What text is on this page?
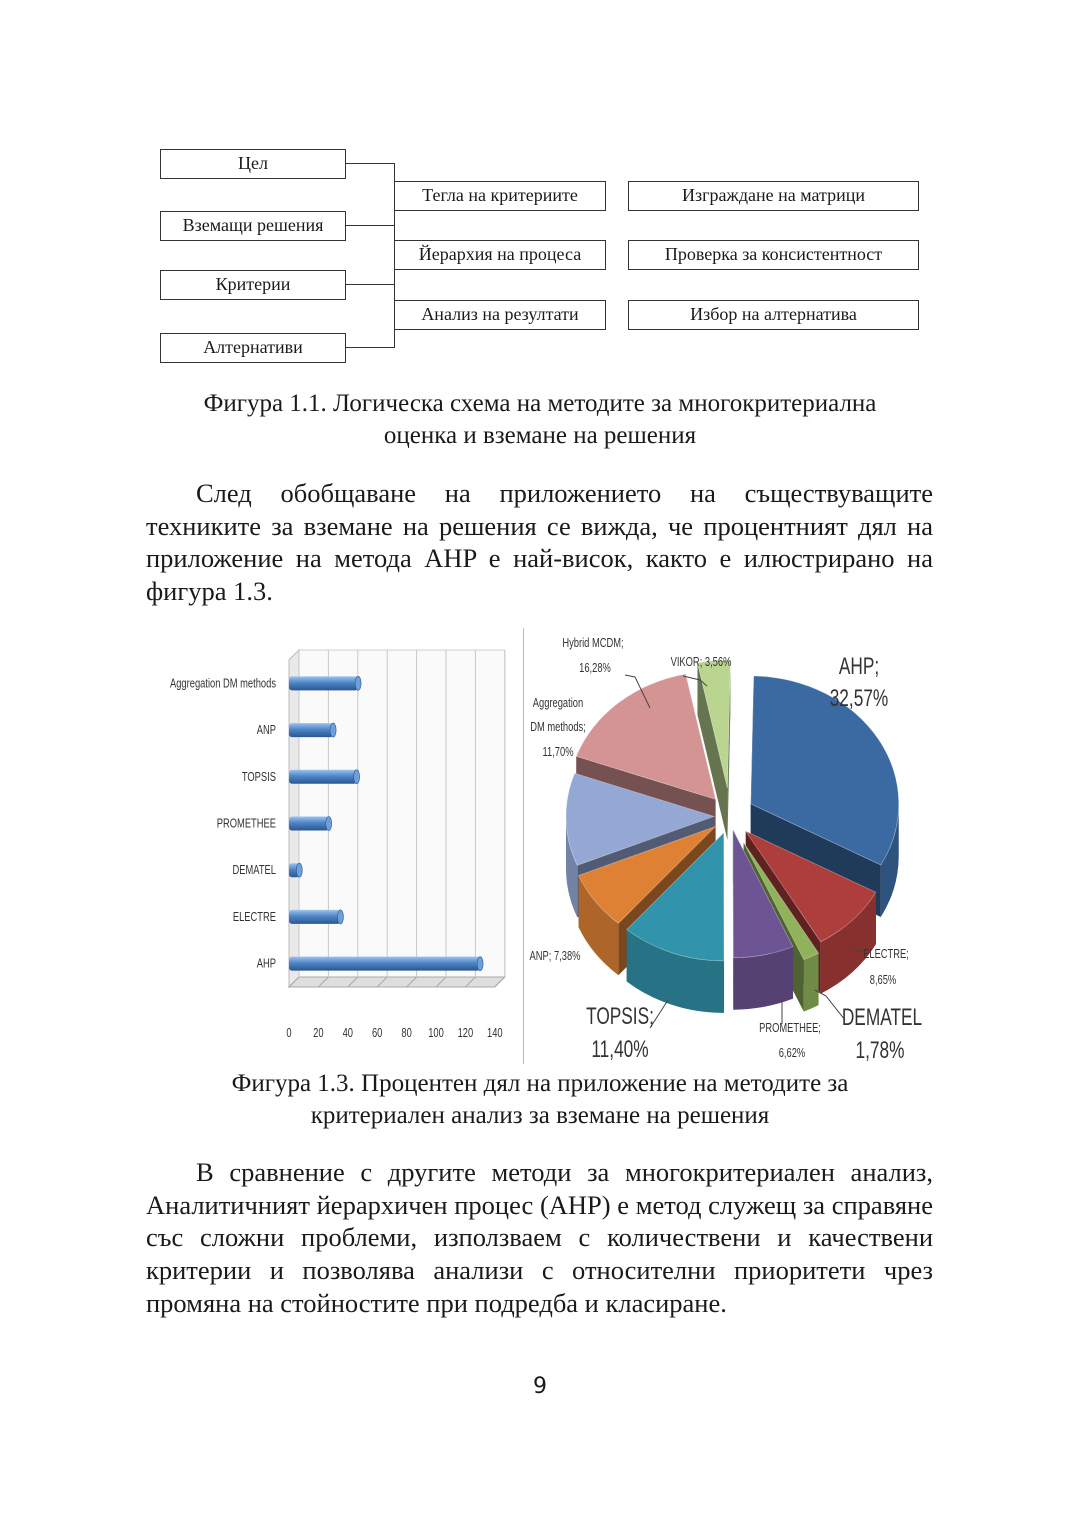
Цел
Вземащи решения
Критерии
Алтернативи
Тегла на критериите
Йерархия на процеса
Анализ на резултати
Изграждане на матрици
Проверка за консистентност
Избор на алтернатива
Фигура 1.1. Логическа схема на методите за многокритериална
оценка и вземане на решения
След обобщаване на приложението на съществуващите техниките за вземане на решения се вижда, че процентният дял на приложение на метода AHP е най-висок, както е илюстрирано на фигура 1.3.
Aggregation DM methods
ANP
TOPSIS
PROMETHEE
DEMATEL
ELECTRE
AHP
0 20 40 60 80 100 120 140
AHP;
32,57%
VIKOR; 3,56%
Hybrid MCDM;
16,28%
Aggregation
DM methods;
11,70%
ANP; 7,38%	ELECTRE;
8,65%
DEMATEL
1,78%
PROMETHEE;
6,62%
TOPSIS;
11,40%
Фигура 1.3. Процентен дял на приложение на методите за
критериален анализ за вземане на решения
В сравнение с другите методи за многокритериален анализ, Аналитичният йерархичен процес (AHP) е метод служещ за справяне със сложни проблеми, използваем с количествени и качествени критерии и позволява анализи с относителни приоритети чрез промяна на стойностите при подредба и класиране.
9
